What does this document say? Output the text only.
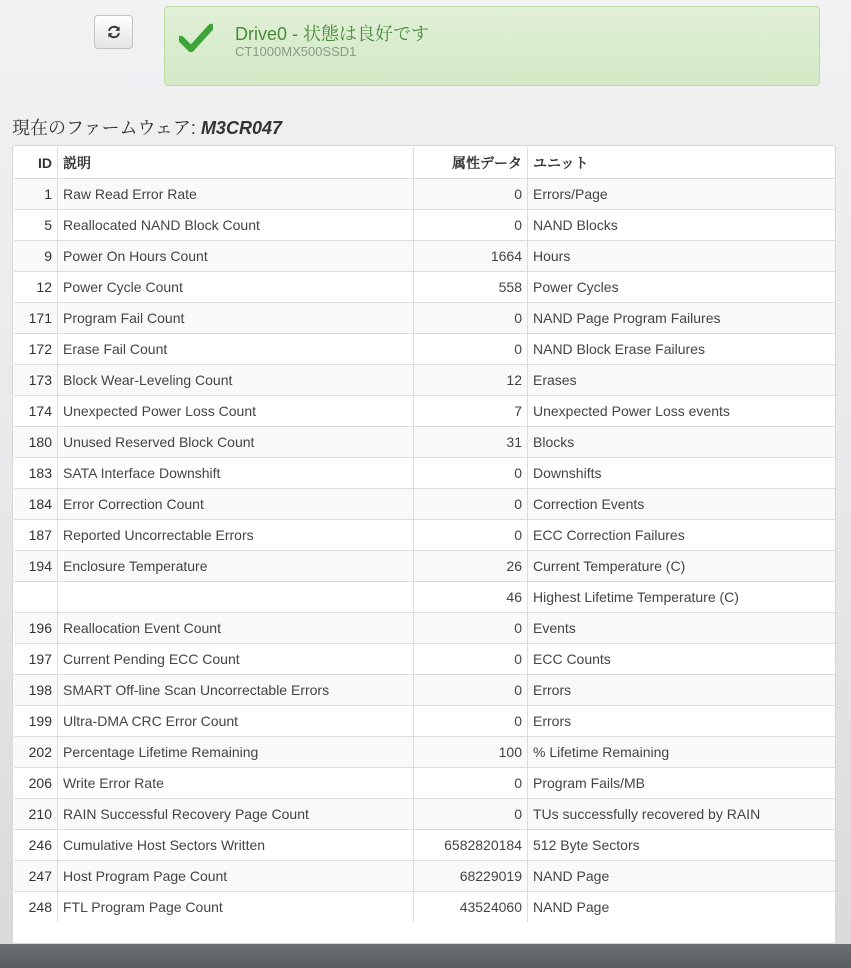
Drive0 - 状態は良好です
CT1000MX500SSD1
現在のファームウェア: M3CR047
ID	説明	属性データ	ユニット
1	Raw Read Error Rate	0	Errors/Page
5	Reallocated NAND Block Count	0	NAND Blocks
9	Power On Hours Count	1664	Hours
12	Power Cycle Count	558	Power Cycles
171	Program Fail Count	0	NAND Page Program Failures
172	Erase Fail Count	0	NAND Block Erase Failures
173	Block Wear-Leveling Count	12	Erases
174	Unexpected Power Loss Count	7	Unexpected Power Loss events
180	Unused Reserved Block Count	31	Blocks
183	SATA Interface Downshift	0	Downshifts
184	Error Correction Count	0	Correction Events
187	Reported Uncorrectable Errors	0	ECC Correction Failures
194	Enclosure Temperature	26	Current Temperature (C)
		46	Highest Lifetime Temperature (C)
196	Reallocation Event Count	0	Events
197	Current Pending ECC Count	0	ECC Counts
198	SMART Off-line Scan Uncorrectable Errors	0	Errors
199	Ultra-DMA CRC Error Count	0	Errors
202	Percentage Lifetime Remaining	100	% Lifetime Remaining
206	Write Error Rate	0	Program Fails/MB
210	RAIN Successful Recovery Page Count	0	TUs successfully recovered by RAIN
246	Cumulative Host Sectors Written	6582820184	512 Byte Sectors
247	Host Program Page Count	68229019	NAND Page
248	FTL Program Page Count	43524060	NAND Page
